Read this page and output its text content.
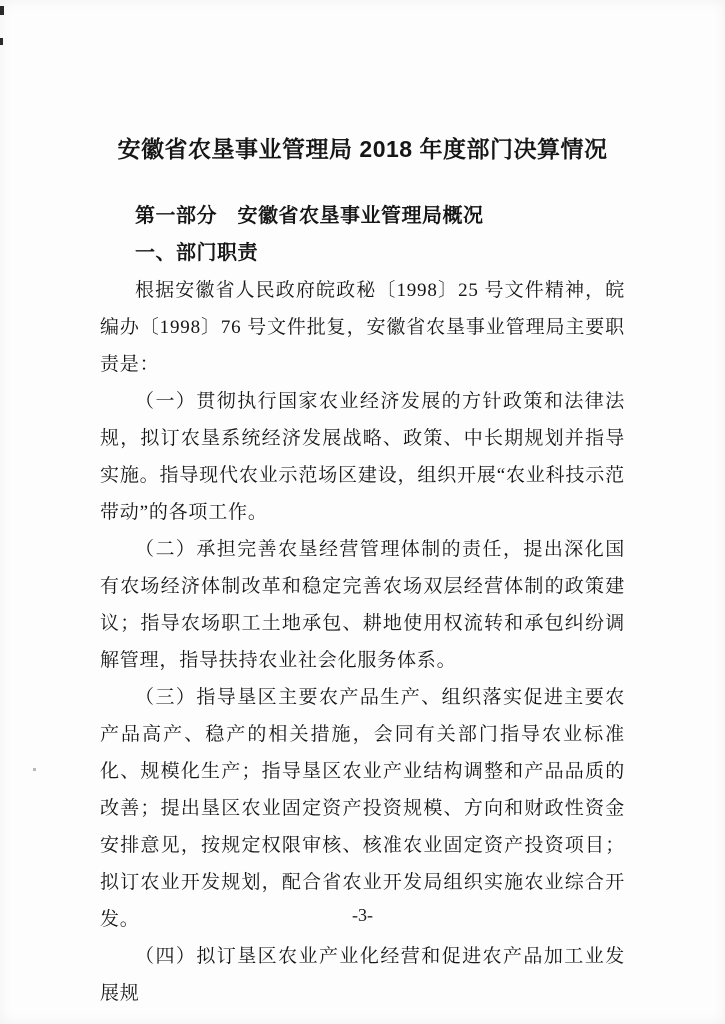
安徽省农垦事业管理局 2018 年度部门决算情况
第一部分　安徽省农垦事业管理局概况
一、部门职责

根据安徽省人民政府皖政秘〔1998〕25 号文件精神，皖编办〔1998〕76 号文件批复，安徽省农垦事业管理局主要职责是：

（一）贯彻执行国家农业经济发展的方针政策和法律法规，拟订农垦系统经济发展战略、政策、中长期规划并指导实施。指导现代农业示范场区建设，组织开展“农业科技示范带动”的各项工作。

（二）承担完善农垦经营管理体制的责任，提出深化国有农场经济体制改革和稳定完善农场双层经营体制的政策建议；指导农场职工土地承包、耕地使用权流转和承包纠纷调解管理，指导扶持农业社会化服务体系。

（三）指导垦区主要农产品生产、组织落实促进主要农产品高产、稳产的相关措施，会同有关部门指导农业标准化、规模化生产；指导垦区农业产业结构调整和产品品质的改善；提出垦区农业固定资产投资规模、方向和财政性资金安排意见，按规定权限审核、核准农业固定资产投资项目；拟订农业开发规划，配合省农业开发局组织实施农业综合开发。

（四）拟订垦区农业产业化经营和促进农产品加工业发展规

-3-
